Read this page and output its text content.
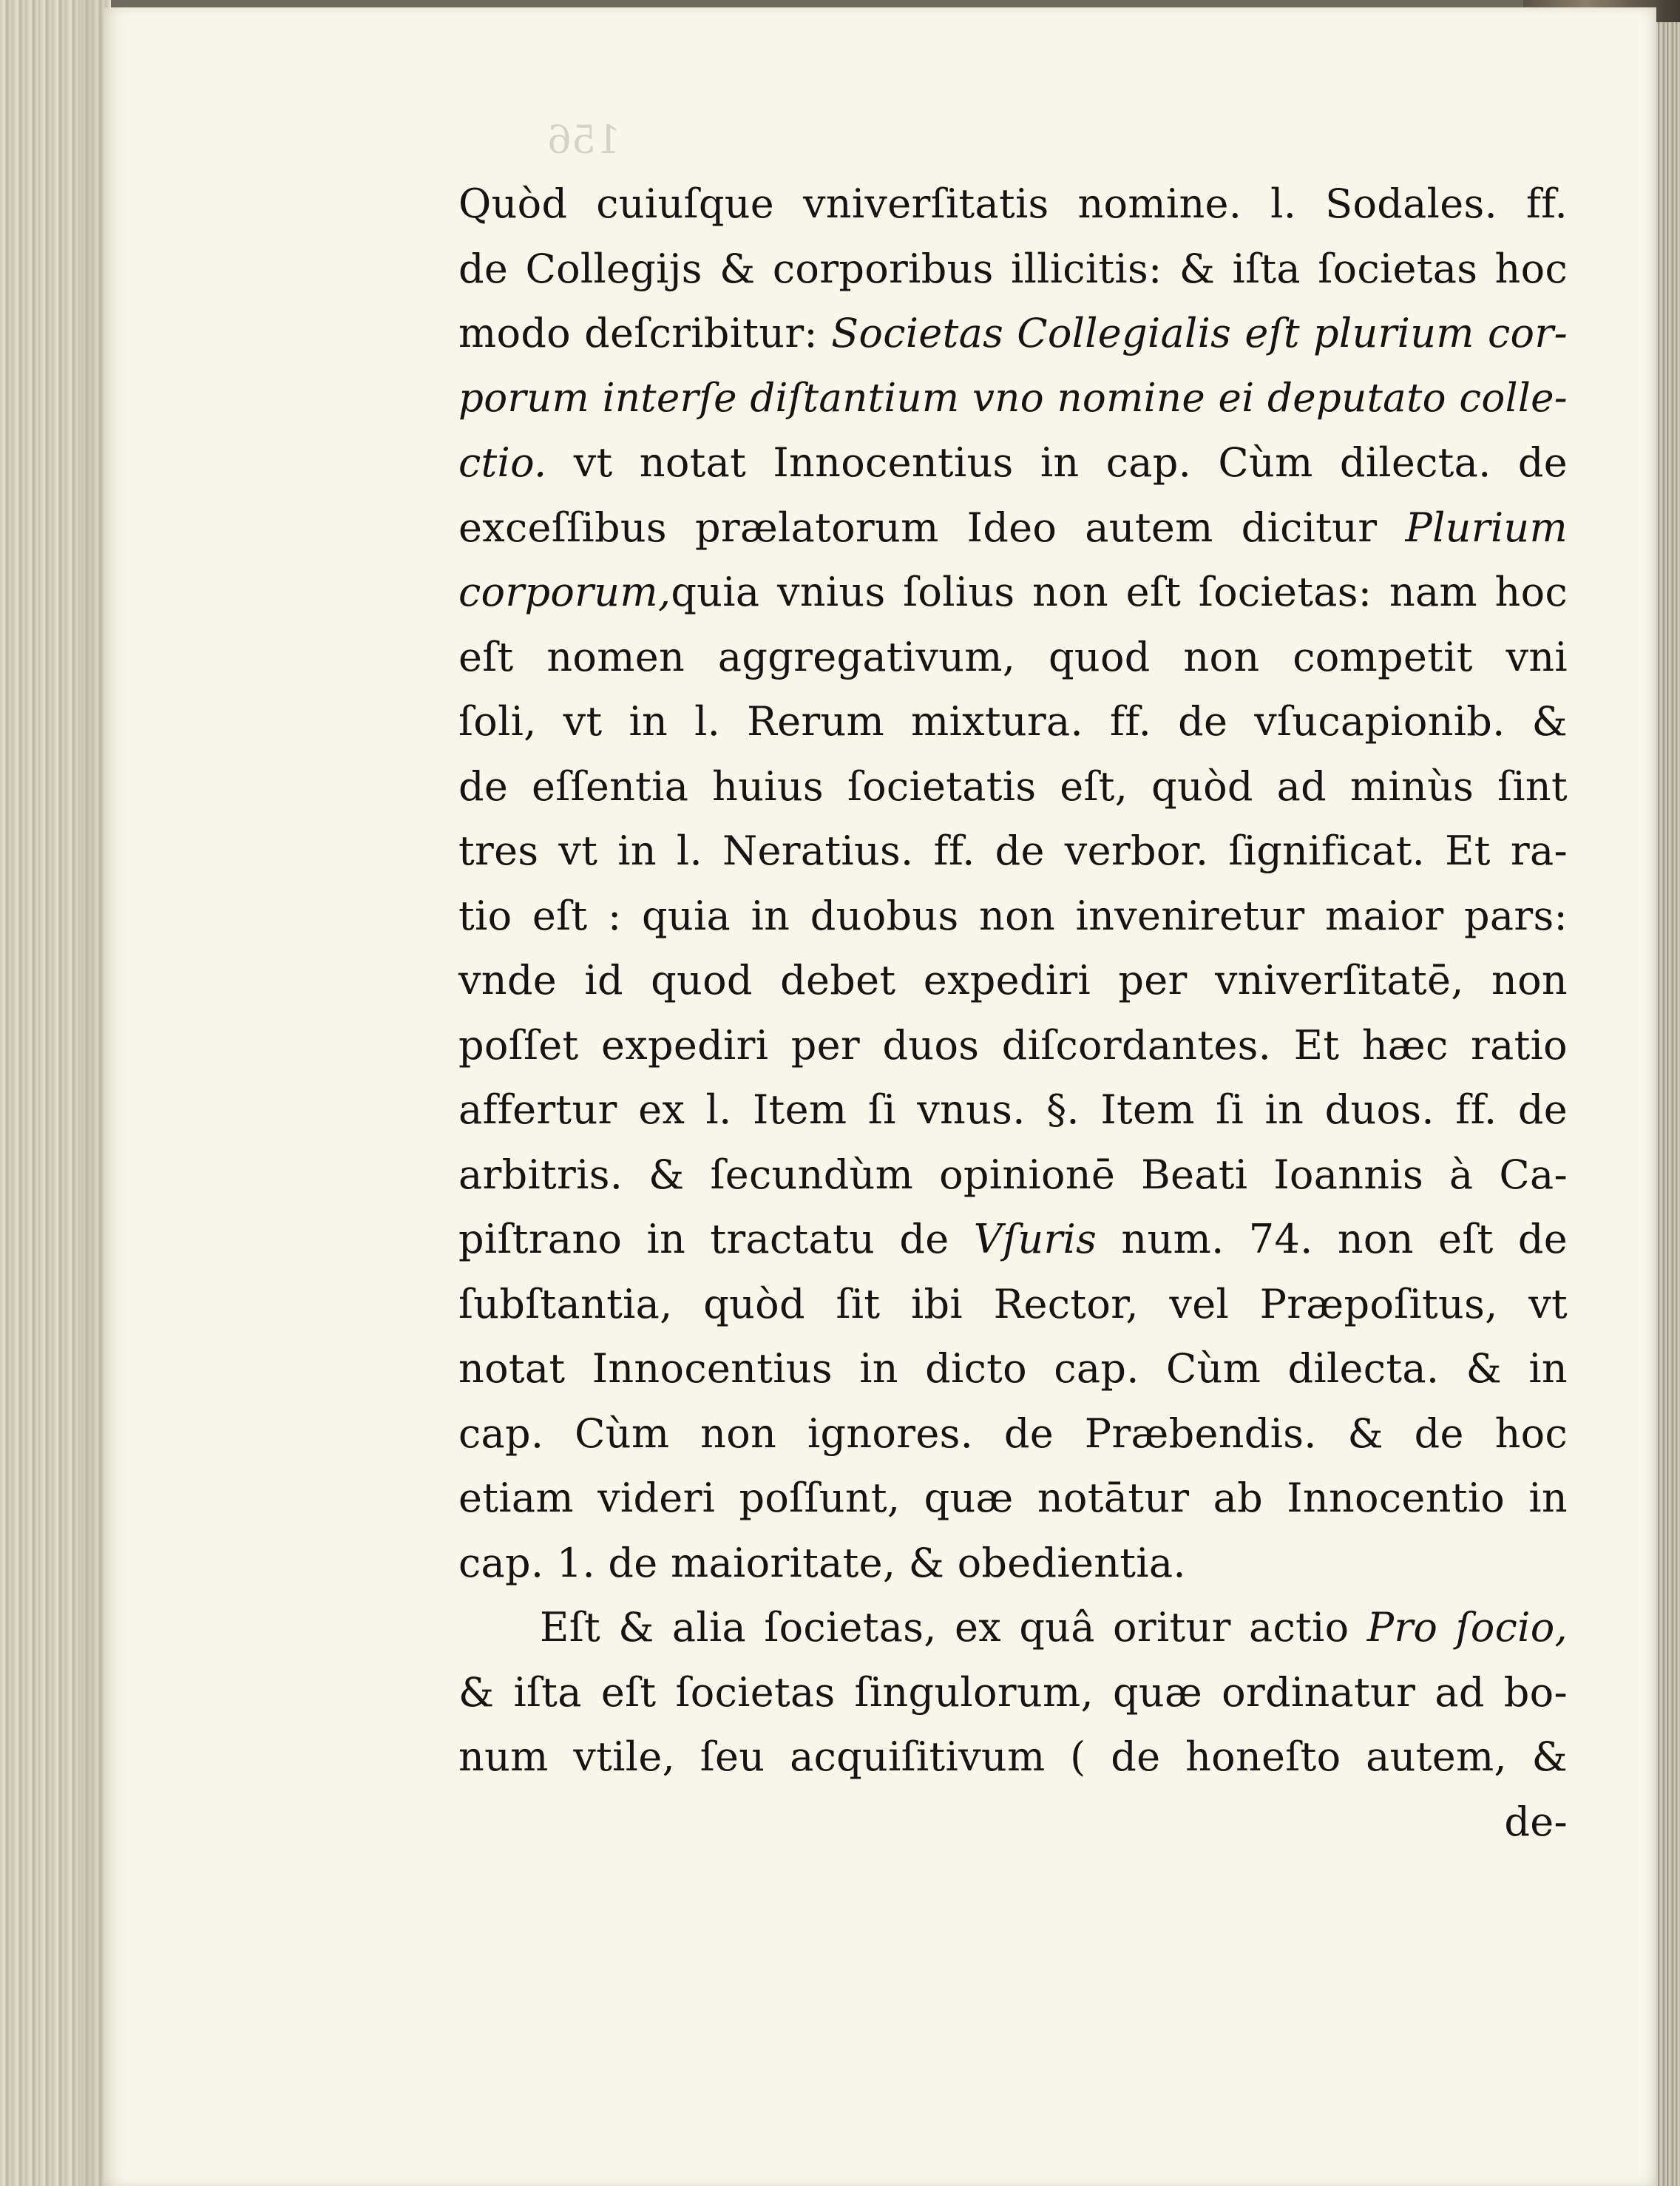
156
Quòd cuiuſque vniverſitatis nomine. l. Sodales. ff.
de Collegijs & corporibus illicitis: & iſta ſocietas hoc
modo deſcribitur: Societas Collegialis eſt plurium cor-
porum interſe diſtantium vno nomine ei deputato colle-
ctio. vt notat Innocentius in cap. Cùm dilecta. de
exceſſibus prælatorum Ideo autem dicitur Plurium
corporum,quia vnius ſolius non eſt ſocietas: nam hoc
eſt nomen aggregativum, quod non competit vni
ſoli, vt in l. Rerum mixtura. ff. de vſucapionib. &
de eſſentia huius ſocietatis eſt, quòd ad minùs ſint
tres vt in l. Neratius. ff. de verbor. ſignificat. Et ra-
tio eſt : quia in duobus non inveniretur maior pars:
vnde id quod debet expediri per vniverſitatē, non
poſſet expediri per duos diſcordantes. Et hæc ratio
affertur ex l. Item ſi vnus. §. Item ſi in duos. ff. de
arbitris. & ſecundùm opinionē Beati Ioannis à Ca-
piſtrano in tractatu de Vſuris num. 74. non eſt de
ſubſtantia, quòd ſit ibi Rector, vel Præpoſitus, vt
notat Innocentius in dicto cap. Cùm dilecta. & in
cap. Cùm non ignores. de Præbendis. & de hoc
etiam videri poſſunt, quæ notātur ab Innocentio in
cap. 1. de maioritate, & obedientia.
Eſt & alia ſocietas, ex quâ oritur actio Pro ſocio,
& iſta eſt ſocietas ſingulorum, quæ ordinatur ad bo-
num vtile, ſeu acquiſitivum ( de honeſto autem, &
de-
